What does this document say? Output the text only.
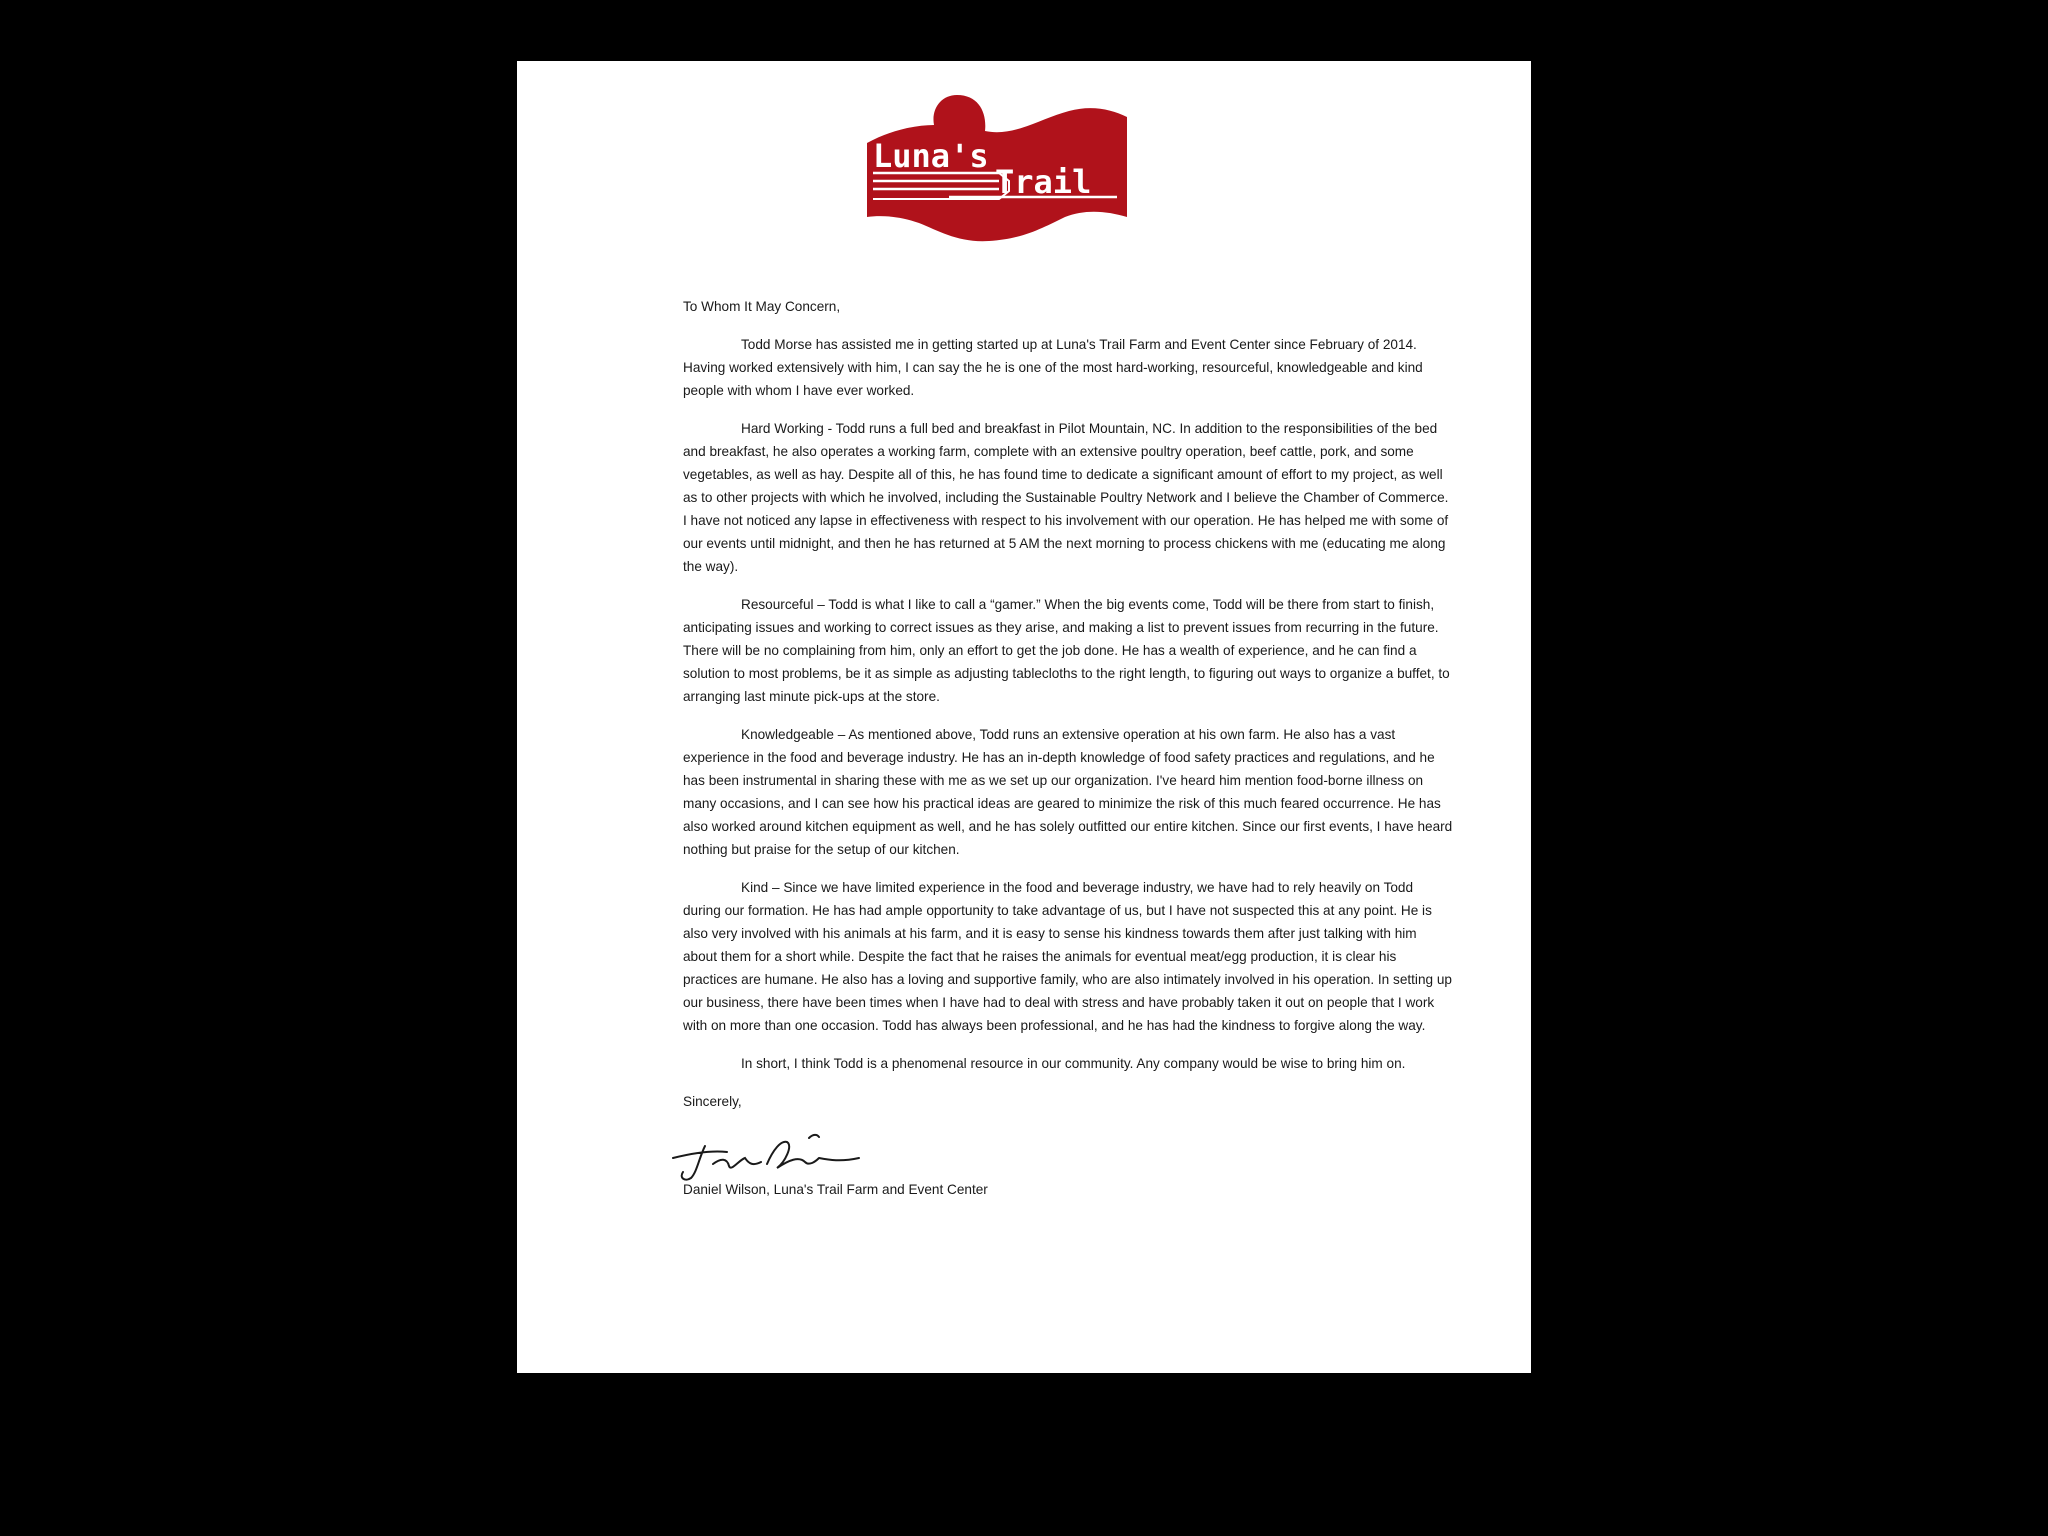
Luna's
Trail

To Whom It May Concern,

Todd Morse has assisted me in getting started up at Luna's Trail Farm and Event Center since February of 2014. Having worked extensively with him, I can say the he is one of the most hard-working, resourceful, knowledgeable and kind people with whom I have ever worked.

Hard Working - Todd runs a full bed and breakfast in Pilot Mountain, NC. In addition to the responsibilities of the bed and breakfast, he also operates a working farm, complete with an extensive poultry operation, beef cattle, pork, and some vegetables, as well as hay. Despite all of this, he has found time to dedicate a significant amount of effort to my project, as well as to other projects with which he involved, including the Sustainable Poultry Network and I believe the Chamber of Commerce. I have not noticed any lapse in effectiveness with respect to his involvement with our operation. He has helped me with some of our events until midnight, and then he has returned at 5 AM the next morning to process chickens with me (educating me along the way).

Resourceful – Todd is what I like to call a “gamer.” When the big events come, Todd will be there from start to finish, anticipating issues and working to correct issues as they arise, and making a list to prevent issues from recurring in the future. There will be no complaining from him, only an effort to get the job done. He has a wealth of experience, and he can find a solution to most problems, be it as simple as adjusting tablecloths to the right length, to figuring out ways to organize a buffet, to arranging last minute pick-ups at the store.

Knowledgeable – As mentioned above, Todd runs an extensive operation at his own farm. He also has a vast experience in the food and beverage industry. He has an in-depth knowledge of food safety practices and regulations, and he has been instrumental in sharing these with me as we set up our organization. I've heard him mention food-borne illness on many occasions, and I can see how his practical ideas are geared to minimize the risk of this much feared occurrence. He has also worked around kitchen equipment as well, and he has solely outfitted our entire kitchen. Since our first events, I have heard nothing but praise for the setup of our kitchen.

Kind – Since we have limited experience in the food and beverage industry, we have had to rely heavily on Todd during our formation. He has had ample opportunity to take advantage of us, but I have not suspected this at any point. He is also very involved with his animals at his farm, and it is easy to sense his kindness towards them after just talking with him about them for a short while. Despite the fact that he raises the animals for eventual meat/egg production, it is clear his practices are humane. He also has a loving and supportive family, who are also intimately involved in his operation. In setting up our business, there have been times when I have had to deal with stress and have probably taken it out on people that I work with on more than one occasion. Todd has always been professional, and he has had the kindness to forgive along the way.

In short, I think Todd is a phenomenal resource in our community. Any company would be wise to bring him on.

Sincerely,

Daniel Wilson, Luna's Trail Farm and Event Center
